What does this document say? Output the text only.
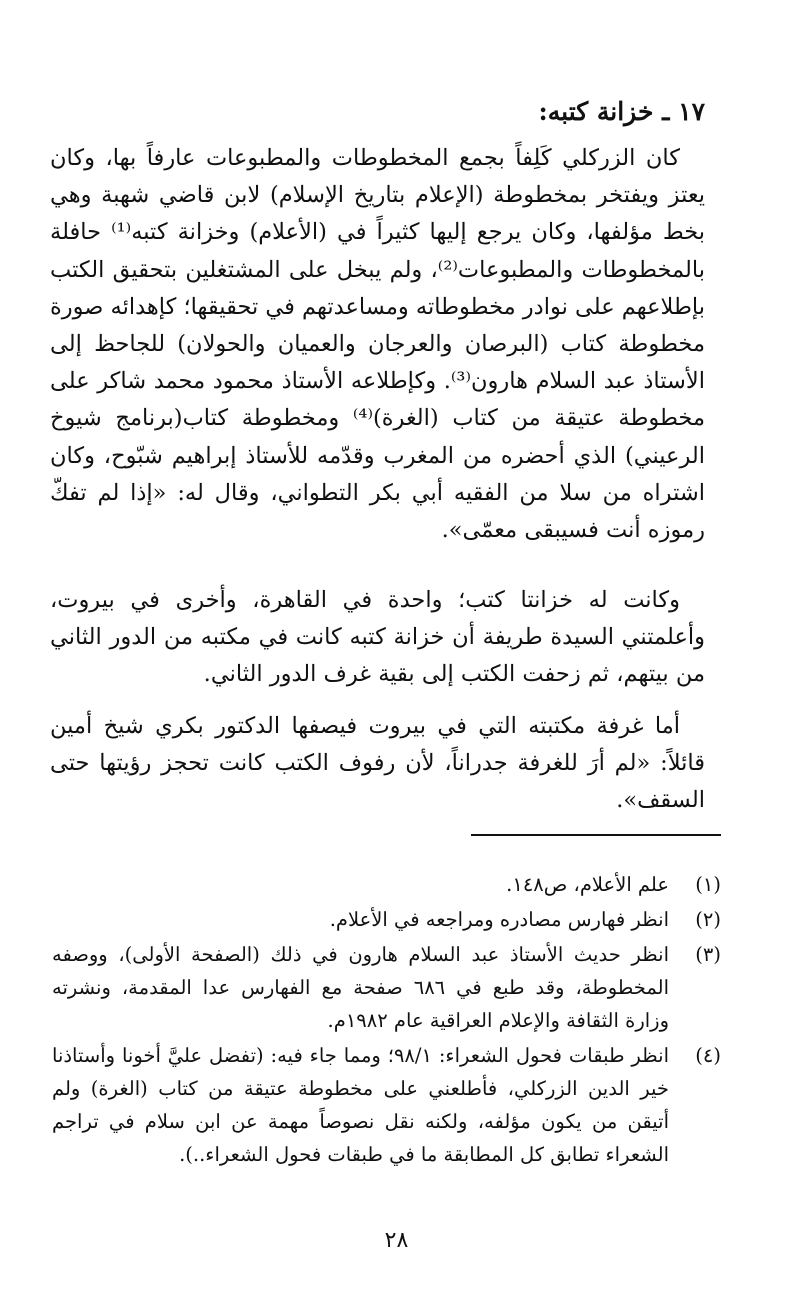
١٧ ـ خزانة كتبه:

كان الزركلي كَلِفاً بجمع المخطوطات والمطبوعات عارفاً بها، وكان يعتز ويفتخر بمخطوطة (الإعلام بتاريخ الإسلام) لابن قاضي شهبة وهي بخط مؤلفها، وكان يرجع إليها كثيراً في (الأعلام) وخزانة كتبه⁽¹⁾ حافلة بالمخطوطات والمطبوعات⁽²⁾، ولم يبخل على المشتغلين بتحقيق الكتب بإطلاعهم على نوادر مخطوطاته ومساعدتهم في تحقيقها؛ كإهدائه صورة مخطوطة كتاب (البرصان والعرجان والعميان والحولان) للجاحظ إلى الأستاذ عبد السلام هارون⁽³⁾. وكإطلاعه الأستاذ محمود محمد شاكر على مخطوطة عتيقة من كتاب (الغرة)⁽⁴⁾ ومخطوطة كتاب(برنامج شيوخ الرعيني) الذي أحضره من المغرب وقدّمه للأستاذ إبراهيم شبّوح، وكان اشتراه من سلا من الفقيه أبي بكر التطواني، وقال له: «إذا لم تفكّ رموزه أنت فسيبقى معمّى».

وكانت له خزانتا كتب؛ واحدة في القاهرة، وأخرى في بيروت، وأعلمتني السيدة طريفة أن خزانة كتبه كانت في مكتبه من الدور الثاني من بيتهم، ثم زحفت الكتب إلى بقية غرف الدور الثاني.

أما غرفة مكتبته التي في بيروت فيصفها الدكتور بكري شيخ أمين قائلاً: «لم أرَ للغرفة جدراناً، لأن رفوف الكتب كانت تحجز رؤيتها حتى السقف».

(١)
علم الأعلام، ص١٤٨.
(٢)
انظر فهارس مصادره ومراجعه في الأعلام.
(٣)
انظر حديث الأستاذ عبد السلام هارون في ذلك (الصفحة الأولى)، ووصفه المخطوطة، وقد طبع في ٦٨٦ صفحة مع الفهارس عدا المقدمة، ونشرته وزارة الثقافة والإعلام العراقية عام ١٩٨٢م.
(٤)
انظر طبقات فحول الشعراء: ٩٨/١؛ ومما جاء فيه: (تفضل عليَّ أخونا وأستاذنا خير الدين الزركلي، فأطلعني على مخطوطة عتيقة من كتاب (الغرة) ولم أتيقن من يكون مؤلفه، ولكنه نقل نصوصاً مهمة عن ابن سلام في تراجم الشعراء تطابق كل المطابقة ما في طبقات فحول الشعراء..).
٢٨
